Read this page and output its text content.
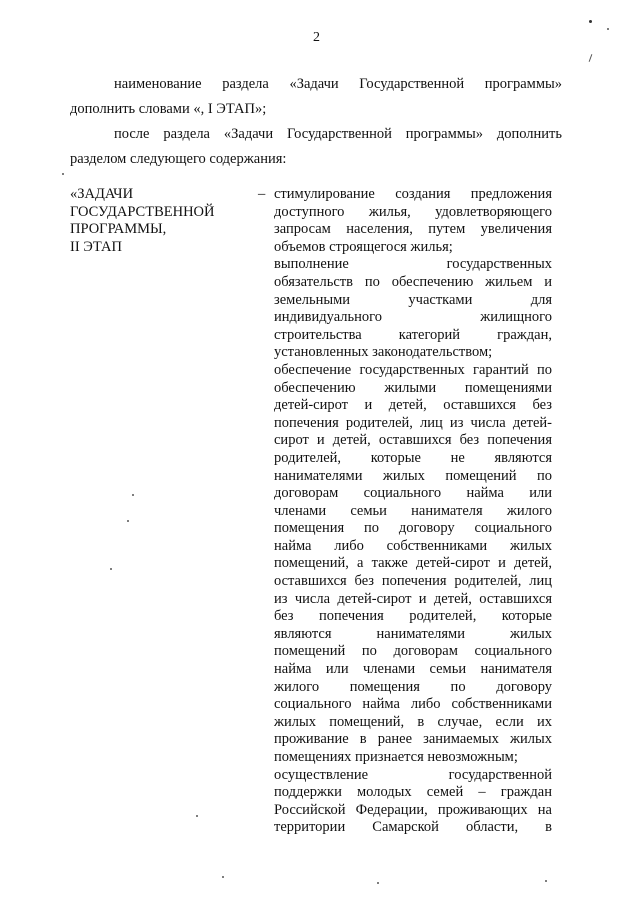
2
наименование раздела «Задачи Государственной программы»
дополнить словами «, I ЭТАП»;
после раздела «Задачи Государственной программы» дополнить
разделом следующего содержания:
«ЗАДАЧИ
ГОСУДАРСТВЕННОЙ
ПРОГРАММЫ,
II ЭТАП
– стимулирование создания предложения
доступного жилья, удовлетворяющего
запросам населения, путем увеличения
объемов строящегося жилья;
выполнение государственных
обязательств по обеспечению жильем и
земельными участками для
индивидуального жилищного
строительства категорий граждан,
установленных законодательством;
обеспечение государственных гарантий по
обеспечению жилыми помещениями
детей-сирот и детей, оставшихся без
попечения родителей, лиц из числа детей-
сирот и детей, оставшихся без попечения
родителей, которые не являются
нанимателями жилых помещений по
договорам социального найма или
членами семьи нанимателя жилого
помещения по договору социального
найма либо собственниками жилых
помещений, а также детей-сирот и детей,
оставшихся без попечения родителей, лиц
из числа детей-сирот и детей, оставшихся
без попечения родителей, которые
являются нанимателями жилых
помещений по договорам социального
найма или членами семьи нанимателя
жилого помещения по договору
социального найма либо собственниками
жилых помещений, в случае, если их
проживание в ранее занимаемых жилых
помещениях признается невозможным;
осуществление государственной
поддержки молодых семей – граждан
Российской Федерации, проживающих на
территории Самарской области, в
